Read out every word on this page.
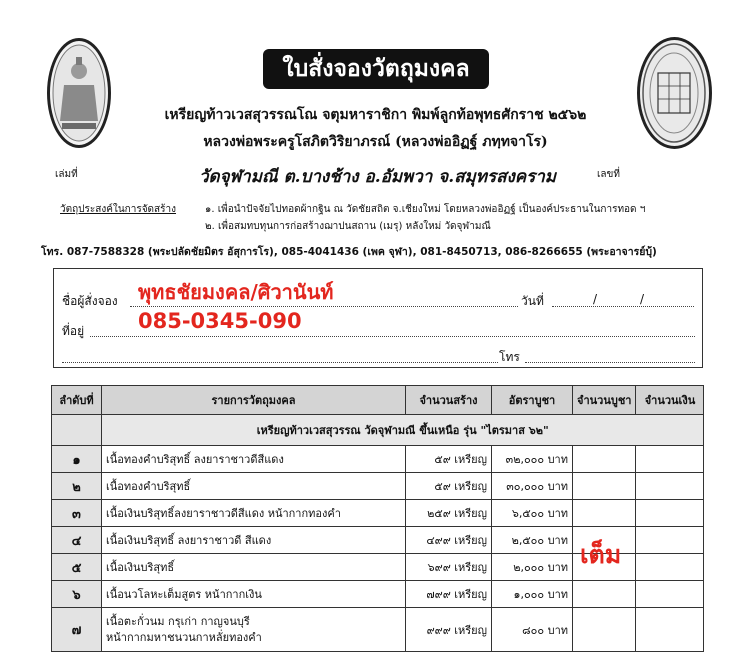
ใบสั่งจองวัตถุมงคล
เหรียญท้าวเวสสุวรรณโณ จตุมหาราชิกา พิมพ์ลูกท้อพุทธศักราช ๒๕๖๒
หลวงพ่อพระครูโสภิตวิริยาภรณ์ (หลวงพ่ออิฏฐ์ ภทฺทจาโร)
เล่มที่	วัดจุฬามณี ต.บางช้าง อ.อัมพวา จ.สมุทรสงคราม	เลขที่
วัตถุประสงค์ในการจัดสร้าง	๑. เพื่อนำปัจจัยไปทอดผ้ากฐิน ณ วัดชัยสถิต จ.เชียงใหม่ โดยหลวงพ่ออิฏฐ์ เป็นองค์ประธานในการทอด ฯ
๒. เพื่อสมทบทุนการก่อสร้างฌาปนสถาน (เมรุ) หลังใหม่ วัดจุฬามณี
โทร. 087-7588328 (พระปลัดชัยมิตร อัสุการโร), 085-4041436 (เพค จุฬา), 081-8450713, 086-8266655 (พระอาจารย์บุ้)
ชื่อผู้สั่งจอง พุทธชัยมงคล/ศิวานันท์	วันที่	/	/
ที่อยู่	085-0345-090
โทร
ลำดับที่	รายการวัตถุมงคล	จำนวนสร้าง	อัตราบูชา	จำนวนบูชา	จำนวนเงิน
	เหรียญท้าวเวสสุวรรณ วัดจุฬามณี ขึ้นเหนือ รุ่น "ไตรมาส ๖๒"				
๑	เนื้อทองคำบริสุทธิ์ ลงยาราชาวดีสีแดง	๕๙ เหรียญ	๓๒,๐๐๐ บาท		
๒	เนื้อทองคำบริสุทธิ์	๕๙ เหรียญ	๓๐,๐๐๐ บาท		
๓	เนื้อเงินบริสุทธิ์ลงยาราชาวดีสีแดง หน้ากากทองคำ	๒๕๙ เหรียญ	๖,๕๐๐ บาท		
๔	เนื้อเงินบริสุทธิ์ ลงยาราชาวดี สีแดง	๔๙๙ เหรียญ	๒,๕๐๐ บาท		
๕	เนื้อเงินบริสุทธิ์	๖๙๙ เหรียญ	๒,๐๐๐ บาท		
๖	เนื้อนวโลหะเต็มสูตร หน้ากากเงิน	๗๙๙ เหรียญ	๑,๐๐๐ บาท		
๗	เนื้อตะกั่วนม กรุเก่า กาญจนบุรี
หน้ากากมหาชนวนกาหลั่ยทองคำ	๙๙๙ เหรียญ	๘๐๐ บาท		
เต็ม
